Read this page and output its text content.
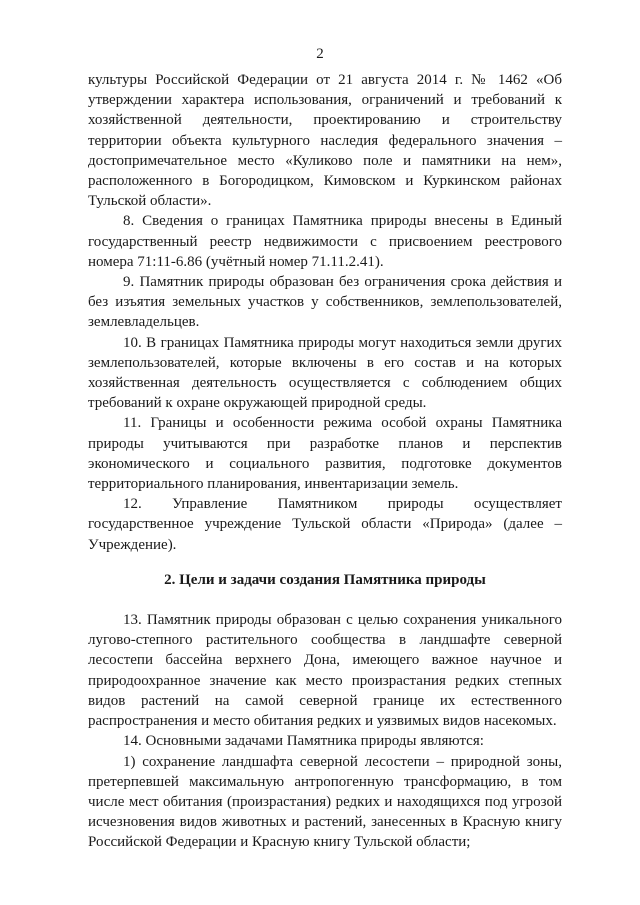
2

культуры Российской Федерации от 21 августа 2014 г. № 1462 «Об утверждении характера использования, ограничений и требований к хозяйственной деятельности, проектированию и строительству территории объекта культурного наследия федерального значения – достопримечательное место «Куликово поле и памятники на нем», расположенного в Богородицком, Кимовском и Куркинском районах Тульской области».

8. Сведения о границах Памятника природы внесены в Единый государственный реестр недвижимости с присвоением реестрового номера 71:11-6.86 (учётный номер 71.11.2.41).

9. Памятник природы образован без ограничения срока действия и без изъятия земельных участков у собственников, землепользователей, землевладельцев.

10. В границах Памятника природы могут находиться земли других землепользователей, которые включены в его состав и на которых хозяйственная деятельность осуществляется с соблюдением общих требований к охране окружающей природной среды.

11. Границы и особенности режима особой охраны Памятника природы учитываются при разработке планов и перспектив экономического и социального развития, подготовке документов территориального планирования, инвентаризации земель.

12. Управление Памятником природы осуществляет государственное учреждение Тульской области «Природа» (далее – Учреждение).

2. Цели и задачи создания Памятника природы

13. Памятник природы образован с целью сохранения уникального лугово-степного растительного сообщества в ландшафте северной лесостепи бассейна верхнего Дона, имеющего важное научное и природоохранное значение как место произрастания редких степных видов растений на самой северной границе их естественного распространения и место обитания редких и уязвимых видов насекомых.

14. Основными задачами Памятника природы являются:

1) сохранение ландшафта северной лесостепи – природной зоны, претерпевшей максимальную антропогенную трансформацию, в том числе мест обитания (произрастания) редких и находящихся под угрозой исчезновения видов животных и растений, занесенных в Красную книгу Российской Федерации и Красную книгу Тульской области;
